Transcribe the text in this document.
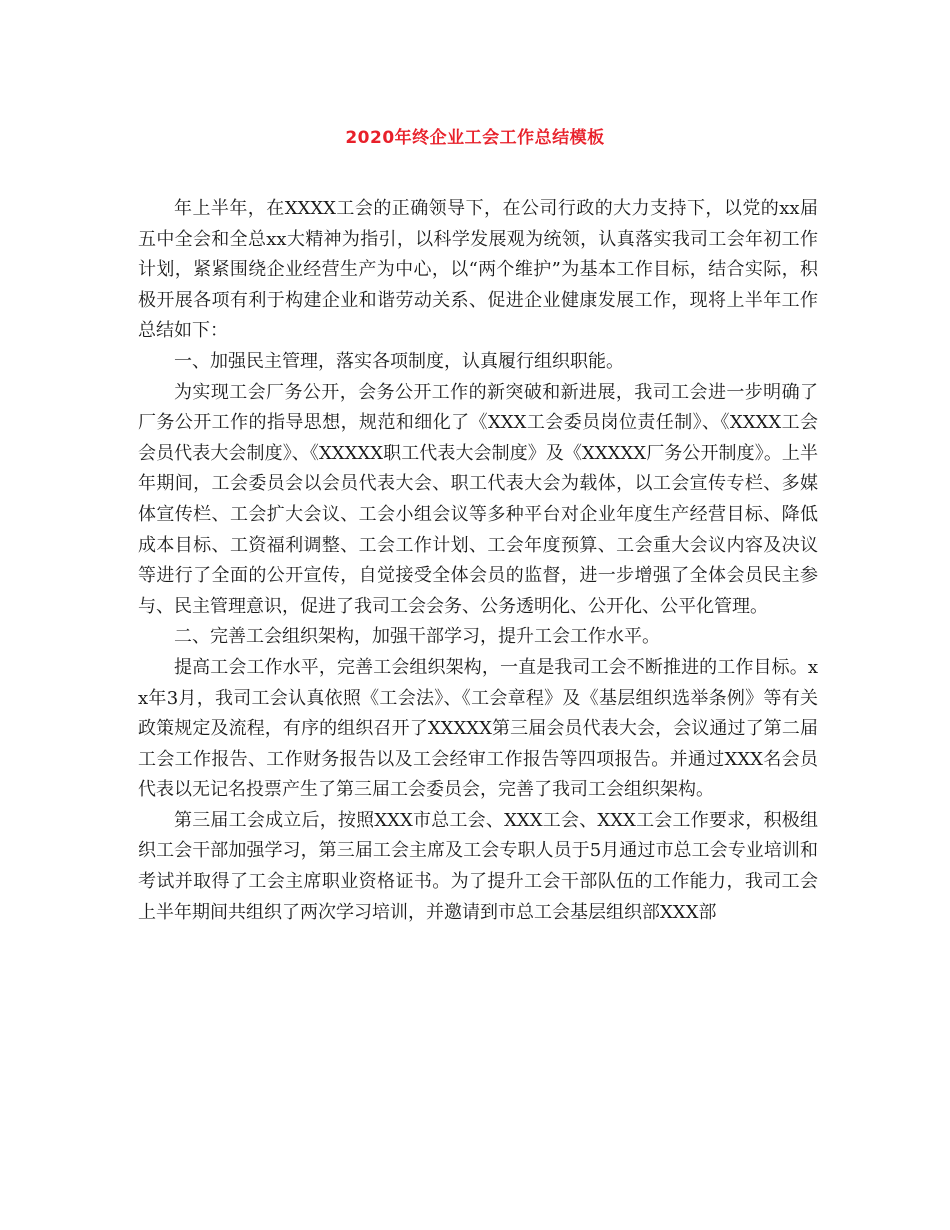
2020年终企业工会工作总结模板

年上半年，在XXXX工会的正确领导下，在公司行政的大力支持下，以党的xx届五中全会和全总xx大精神为指引，以科学发展观为统领，认真落实我司工会年初工作计划，紧紧围绕企业经营生产为中心，以“两个维护”为基本工作目标，结合实际，积极开展各项有利于构建企业和谐劳动关系、促进企业健康发展工作，现将上半年工作总结如下：

一、加强民主管理，落实各项制度，认真履行组织职能。

为实现工会厂务公开，会务公开工作的新突破和新进展，我司工会进一步明确了厂务公开工作的指导思想，规范和细化了《XXX工会委员岗位责任制》、《XXXX工会会员代表大会制度》、《XXXXX职工代表大会制度》及《XXXXX厂务公开制度》。上半年期间，工会委员会以会员代表大会、职工代表大会为载体，以工会宣传专栏、多媒体宣传栏、工会扩大会议、工会小组会议等多种平台对企业年度生产经营目标、降低成本目标、工资福利调整、工会工作计划、工会年度预算、工会重大会议内容及决议等进行了全面的公开宣传，自觉接受全体会员的监督，进一步增强了全体会员民主参与、民主管理意识，促进了我司工会会务、公务透明化、公开化、公平化管理。

二、完善工会组织架构，加强干部学习，提升工会工作水平。

提高工会工作水平，完善工会组织架构，一直是我司工会不断推进的工作目标。xx年3月，我司工会认真依照《工会法》、《工会章程》及《基层组织选举条例》等有关政策规定及流程，有序的组织召开了XXXXX第三届会员代表大会，会议通过了第二届工会工作报告、工作财务报告以及工会经审工作报告等四项报告。并通过XXX名会员代表以无记名投票产生了第三届工会委员会，完善了我司工会组织架构。

第三届工会成立后，按照XXX市总工会、XXX工会、XXX工会工作要求，积极组织工会干部加强学习，第三届工会主席及工会专职人员于5月通过市总工会专业培训和考试并取得了工会主席职业资格证书。为了提升工会干部队伍的工作能力，我司工会上半年期间共组织了两次学习培训，并邀请到市总工会基层组织部XXX部
